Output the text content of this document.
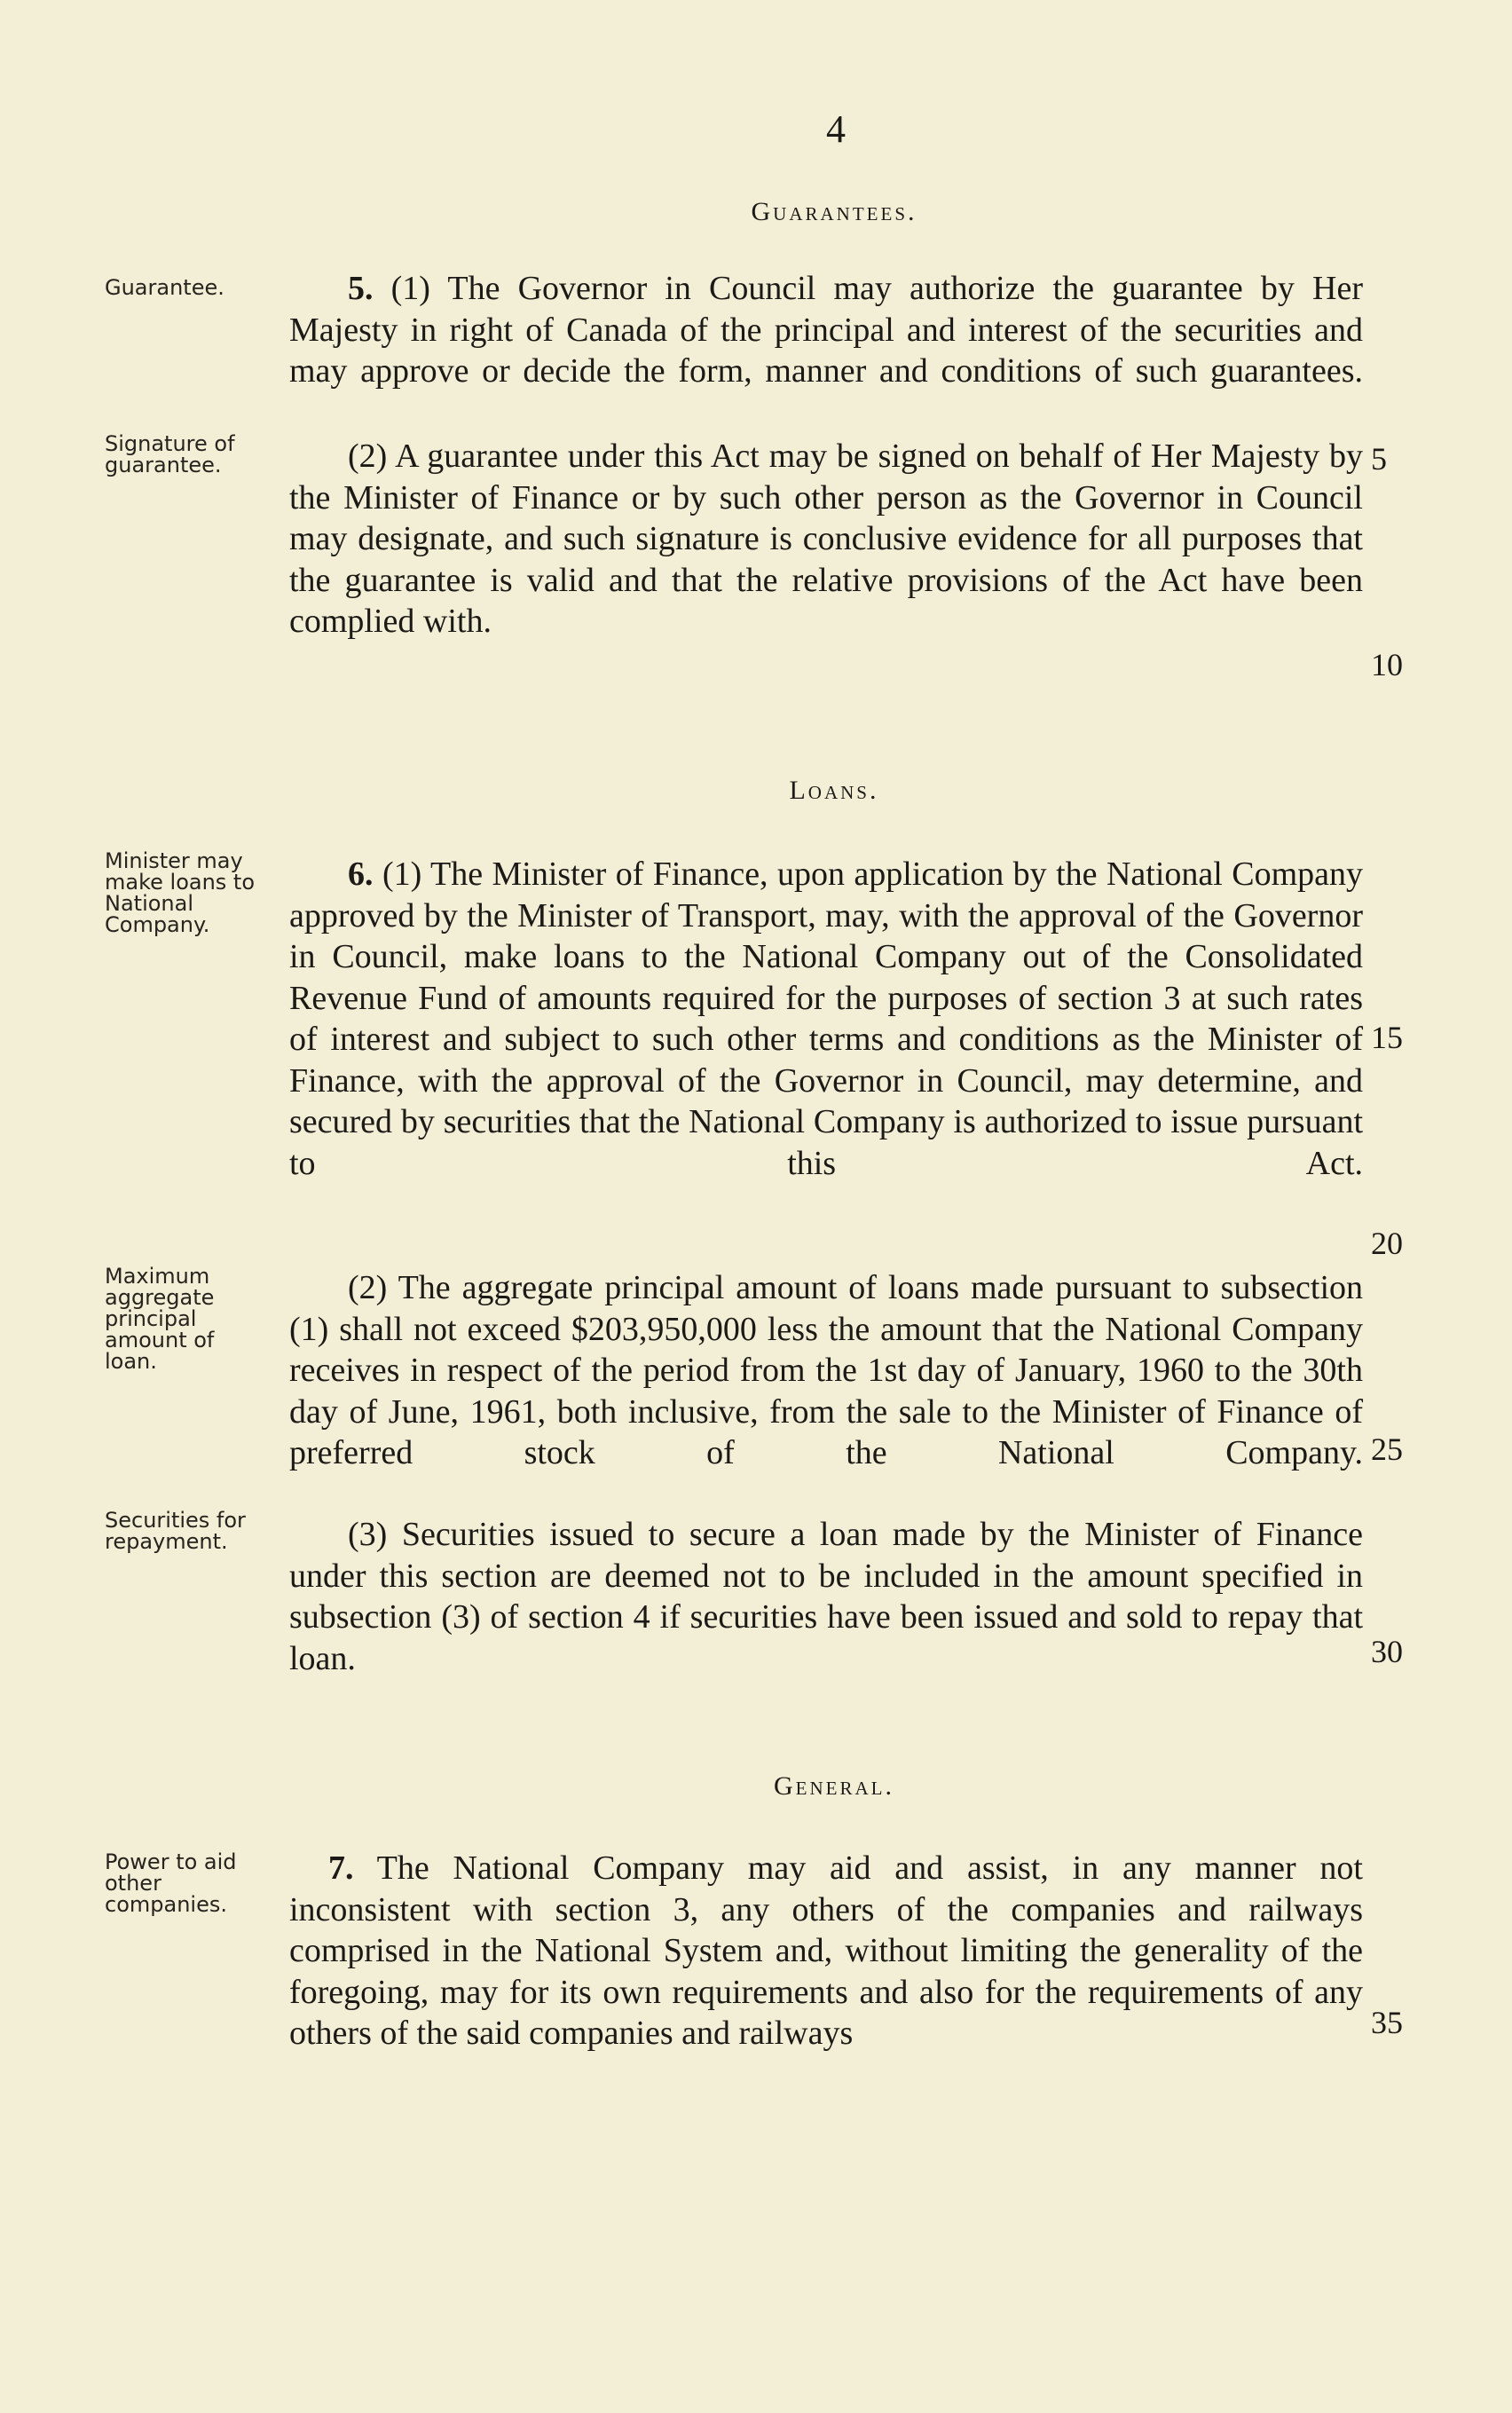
4
Guarantees.
Guarantee.	5. (1) The Governor in Council may authorize the guarantee by Her Majesty in right of Canada of the principal and interest of the securities and may approve or decide the form, manner and conditions of such guarantees.
Signature of guarantee.	(2) A guarantee under this Act may be signed on behalf of Her Majesty by the Minister of Finance or by such other person as the Governor in Council may designate, and such signature is conclusive evidence for all purposes that the guarantee is valid and that the relative provisions of the Act have been complied with.
Loans.
Minister may make loans to National Company.
6. (1) The Minister of Finance, upon application by the National Company approved by the Minister of Transport, may, with the approval of the Governor in Council, make loans to the National Company out of the Consolidated Revenue Fund of amounts required for the purposes of section 3 at such rates of interest and subject to such other terms and conditions as the Minister of Finance, with the approval of the Governor in Council, may determine, and secured by securities that the National Company is authorized to issue pursuant to this Act.
Maximum aggregate principal amount of loan.
(2) The aggregate principal amount of loans made pursuant to subsection (1) shall not exceed $203,950,000 less the amount that the National Company receives in respect of the period from the 1st day of January, 1960 to the 30th day of June, 1961, both inclusive, from the sale to the Minister of Finance of preferred stock of the National Company.
Securities for repayment.	(3) Securities issued to secure a loan made by the Minister of Finance under this section are deemed not to be included in the amount specified in subsection (3) of section 4 if securities have been issued and sold to repay that loan.
General.
Power to aid other companies.
7. The National Company may aid and assist, in any manner not inconsistent with section 3, any others of the companies and railways comprised in the National System and, without limiting the generality of the foregoing, may for its own requirements and also for the requirements of any others of the said companies and railways
5
10
15
20
25
30
35
